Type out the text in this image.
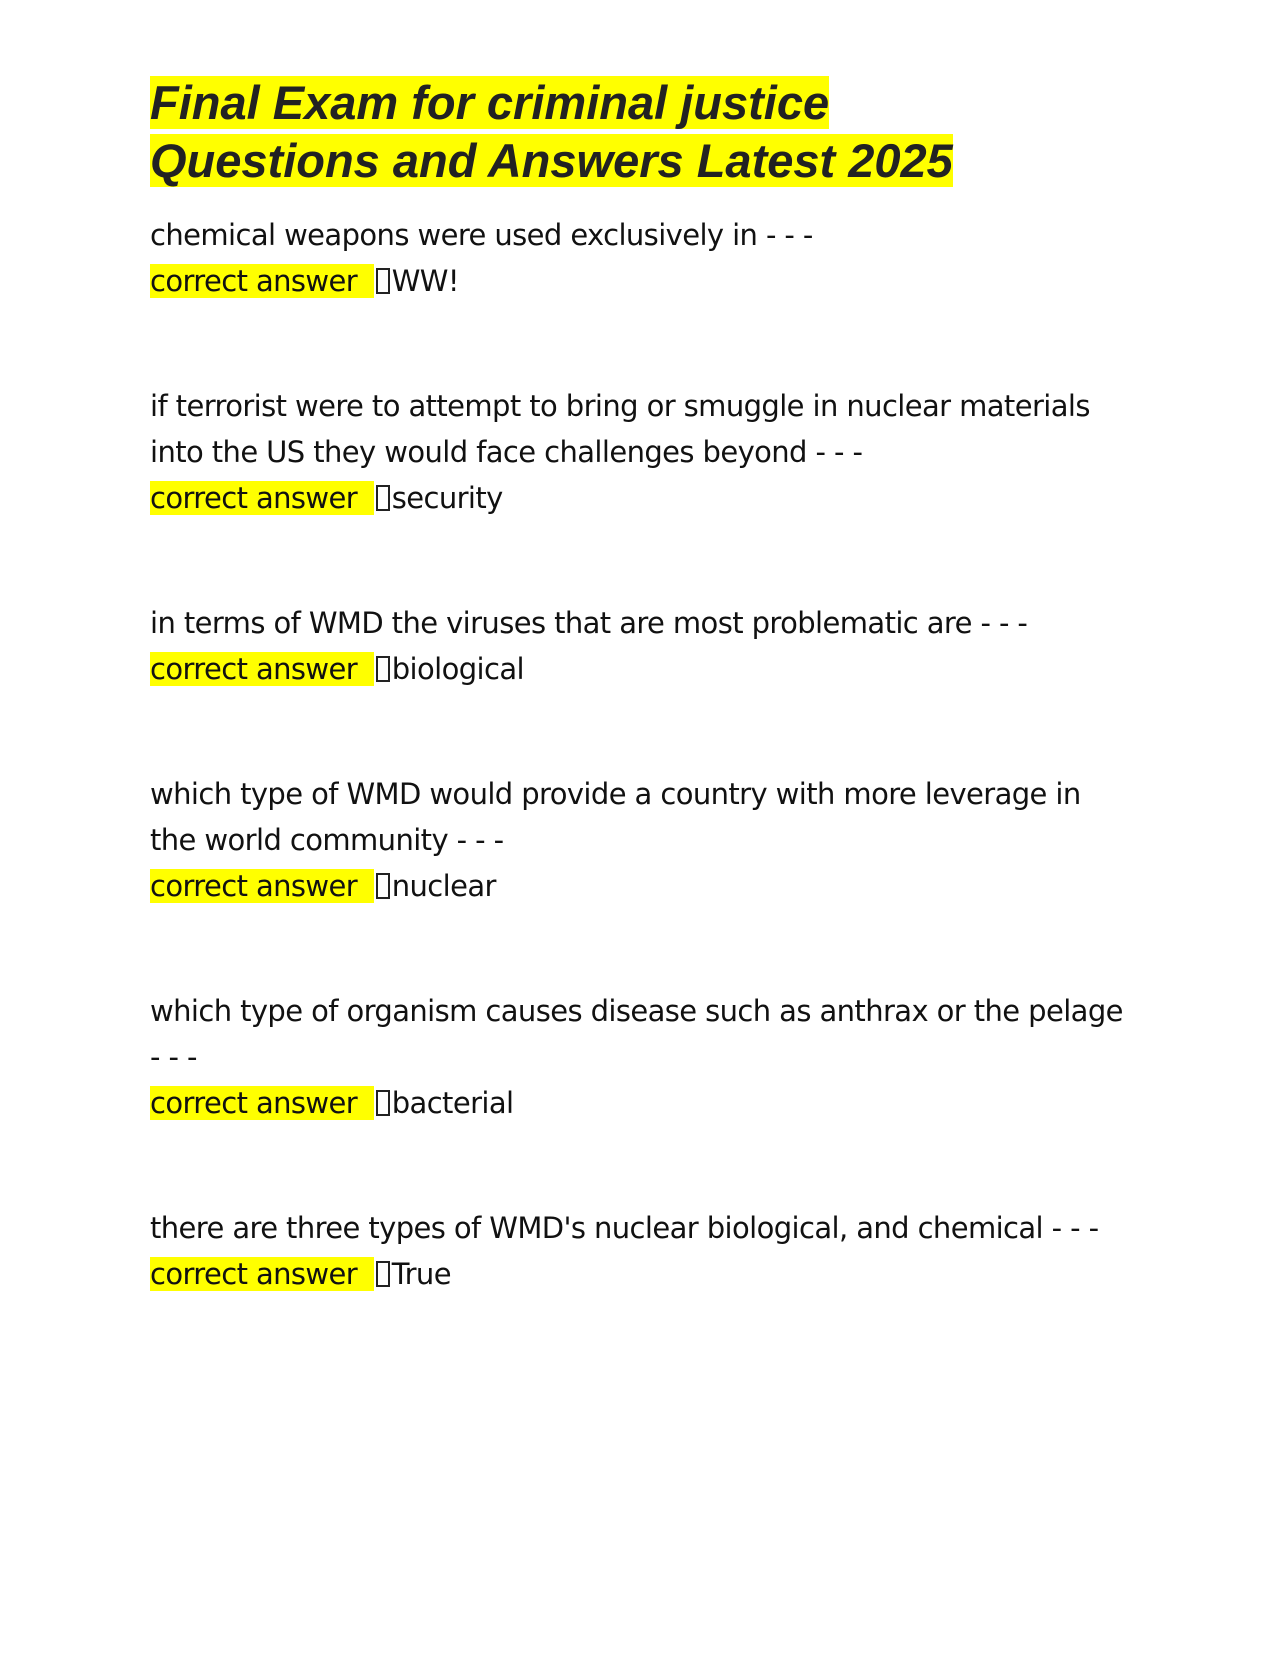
Final Exam for criminal justice
Questions and Answers Latest 2025
chemical weapons were used exclusively in - - -
correct answer WW!
if terrorist were to attempt to bring or smuggle in nuclear materials into the US they would face challenges beyond - - -
correct answer security
in terms of WMD the viruses that are most problematic are - - -
correct answer biological
which type of WMD would provide a country with more leverage in the world community - - -
correct answer nuclear
which type of organism causes disease such as anthrax or the pelage - - -
correct answer bacterial
there are three types of WMD's nuclear biological, and chemical - - -
correct answer True
